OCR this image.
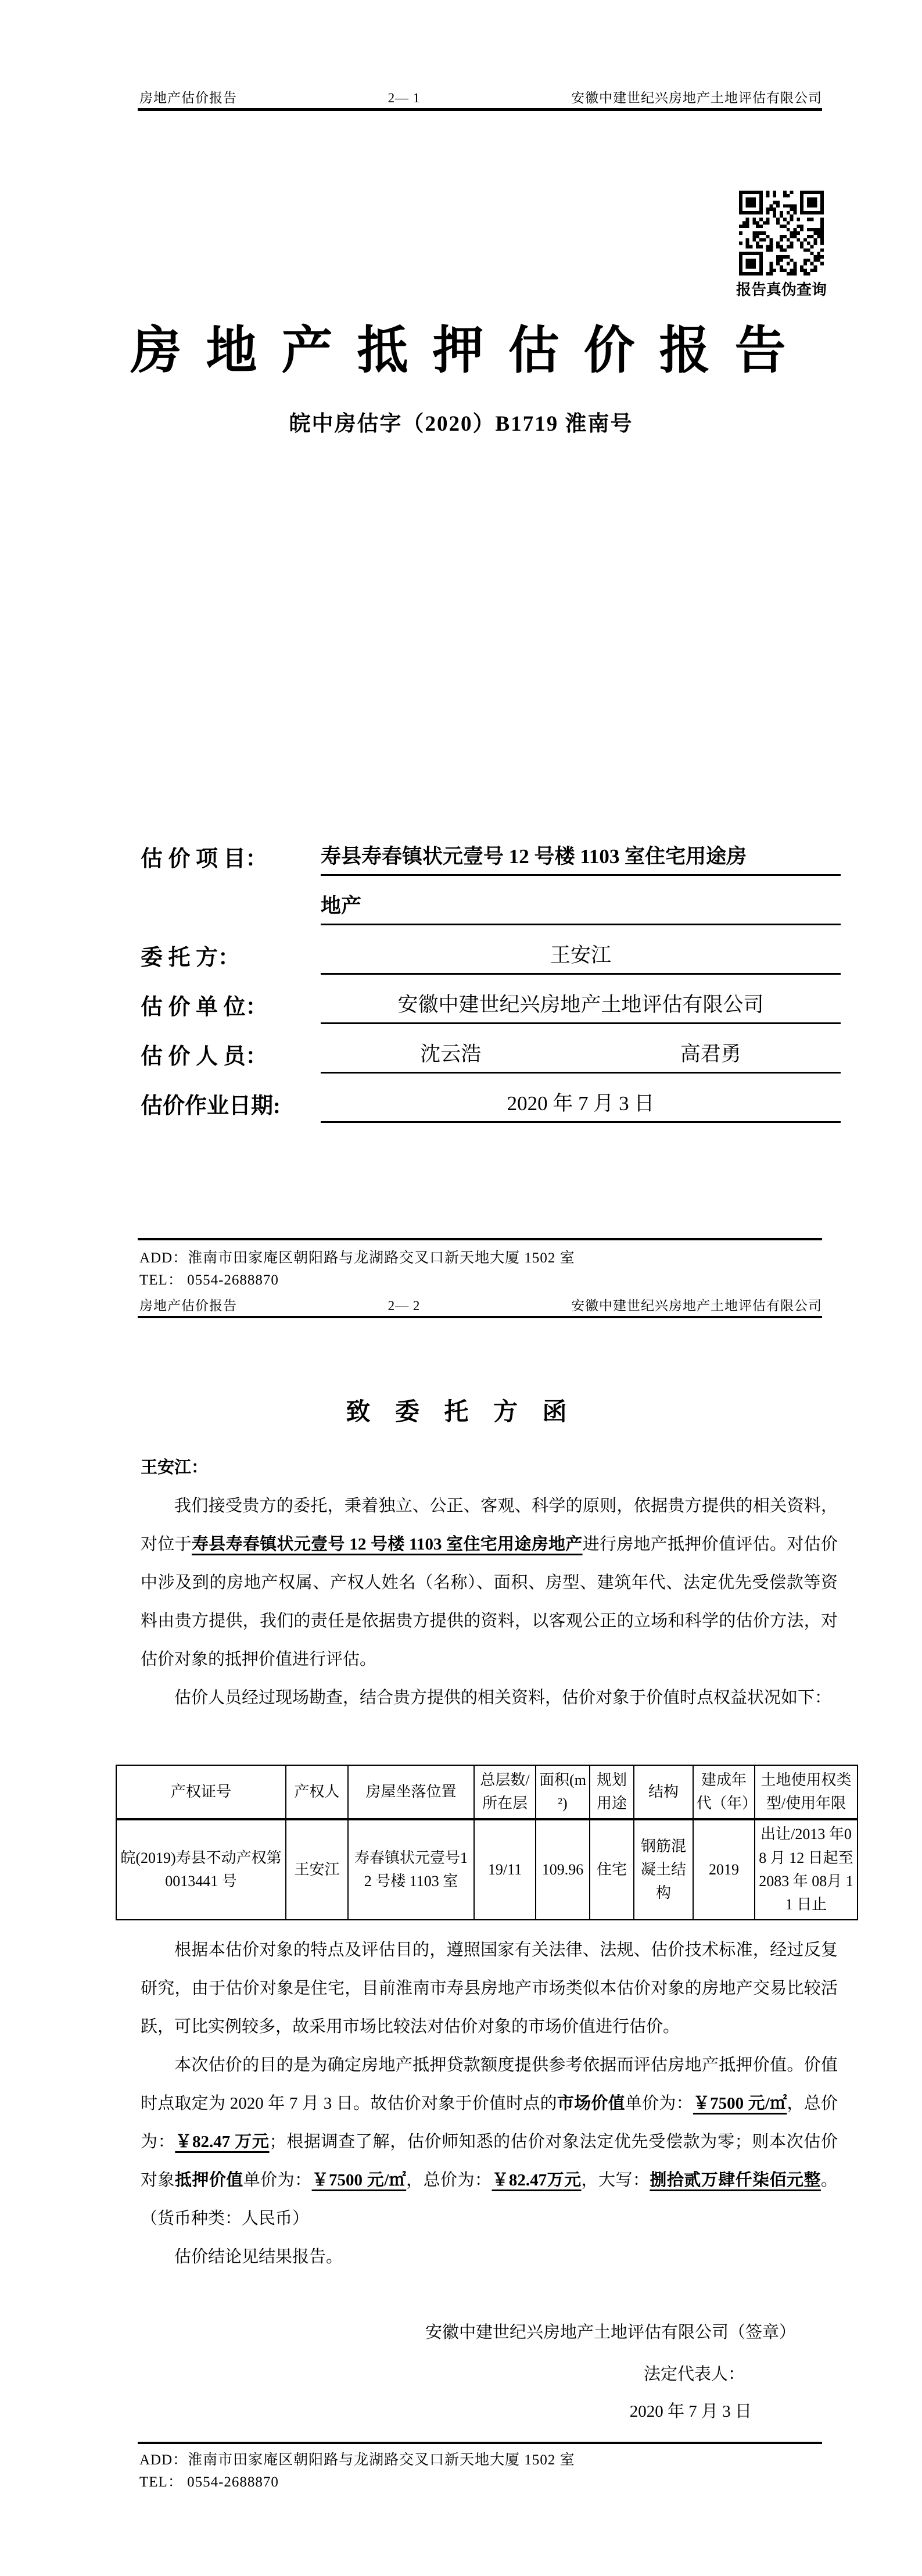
房地产估价报告	2— 1	安徽中建世纪兴房地产土地评估有限公司
报告真伪查询
房 地 产 抵 押 估 价 报 告
皖中房估字（2020）B1719 淮南号
估 价 项 目：	寿县寿春镇状元壹号 12 号楼 1103 室住宅用途房
地产
委 托 方：	王安江
估 价 单 位：	安徽中建世纪兴房地产土地评估有限公司
估 价 人 员：	沈云浩	高君勇
估价作业日期:	2020 年 7 月 3 日
ADD：淮南市田家庵区朝阳路与龙湖路交叉口新天地大厦 1502 室
TEL： 0554-2688870
房地产估价报告	2— 2	安徽中建世纪兴房地产土地评估有限公司
致 委 托 方 函
王安江：

我们接受贵方的委托，秉着独立、公正、客观、科学的原则，依据贵方提供的相关资料，对位于寿县寿春镇状元壹号 12 号楼 1103 室住宅用途房地产进行房地产抵押价值评估。对估价中涉及到的房地产权属、产权人姓名（名称）、面积、房型、建筑年代、法定优先受偿款等资料由贵方提供，我们的责任是依据贵方提供的资料，以客观公正的立场和科学的估价方法，对估价对象的抵押价值进行评估。

估价人员经过现场勘查，结合贵方提供的相关资料，估价对象于价值时点权益状况如下：

产权证号	产权人	房屋坐落位置	总层数/所在层	面积(m²)	规划用途	结构	建成年代（年）	土地使用权类型/使用年限
皖(2019)寿县不动产权第 0013441 号	王安江	寿春镇状元壹号12 号楼 1103 室	19/11	109.96	住宅	钢筋混凝土结构	2019	出让/2013 年08 月 12 日起至 2083 年 08月 11 日止

根据本估价对象的特点及评估目的，遵照国家有关法律、法规、估价技术标准，经过反复研究，由于估价对象是住宅，目前淮南市寿县房地产市场类似本估价对象的房地产交易比较活跃，可比实例较多，故采用市场比较法对估价对象的市场价值进行估价。

本次估价的目的是为确定房地产抵押贷款额度提供参考依据而评估房地产抵押价值。价值时点取定为 2020 年 7 月 3 日。故估价对象于价值时点的市场价值单价为：￥7500 元/㎡，总价为：￥82.47 万元；根据调查了解，估价师知悉的估价对象法定优先受偿款为零；则本次估价对象抵押价值单价为：￥7500 元/㎡，总价为：￥82.47万元，大写：捌拾贰万肆仟柒佰元整。（货币种类：人民币）

估价结论见结果报告。

安徽中建世纪兴房地产土地评估有限公司（签章）
法定代表人：
2020 年 7 月 3 日
ADD：淮南市田家庵区朝阳路与龙湖路交叉口新天地大厦 1502 室
TEL： 0554-2688870
